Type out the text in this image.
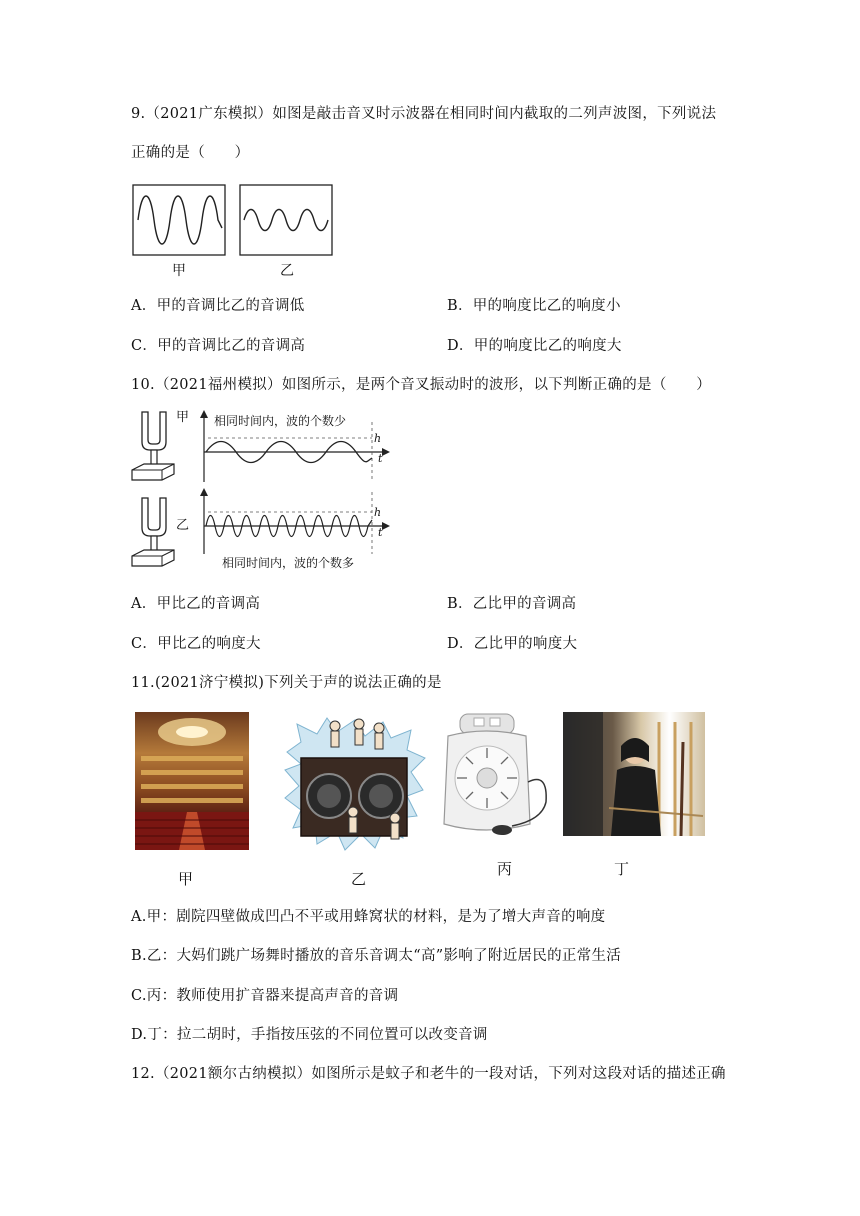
9.（2021广东模拟）如图是敲击音叉时示波器在相同时间内截取的二列声波图，下列说法
正确的是（　　）
甲	乙
A．甲的音调比乙的音调低	B．甲的响度比乙的响度小
C．甲的音调比乙的音调高	D．甲的响度比乙的响度大
10.（2021福州模拟）如图所示，是两个音叉振动时的波形，以下判断正确的是（　　）
甲
乙
相同时间内，波的个数少
相同时间内，波的个数多
h
t
h
t
A．甲比乙的音调高	B．乙比甲的音调高
C．甲比乙的响度大	D．乙比甲的响度大
11.(2021济宁模拟)下列关于声的说法正确的是
甲	乙
丙	丁
A.甲：剧院四壁做成凹凸不平或用蜂窝状的材料，是为了增大声音的响度
B.乙：大妈们跳广场舞时播放的音乐音调太“高”影响了附近居民的正常生活
C.丙：教师使用扩音器来提高声音的音调
D.丁：拉二胡时，手指按压弦的不同位置可以改变音调
12.（2021额尔古纳模拟）如图所示是蚊子和老牛的一段对话，下列对这段对话的描述正确
